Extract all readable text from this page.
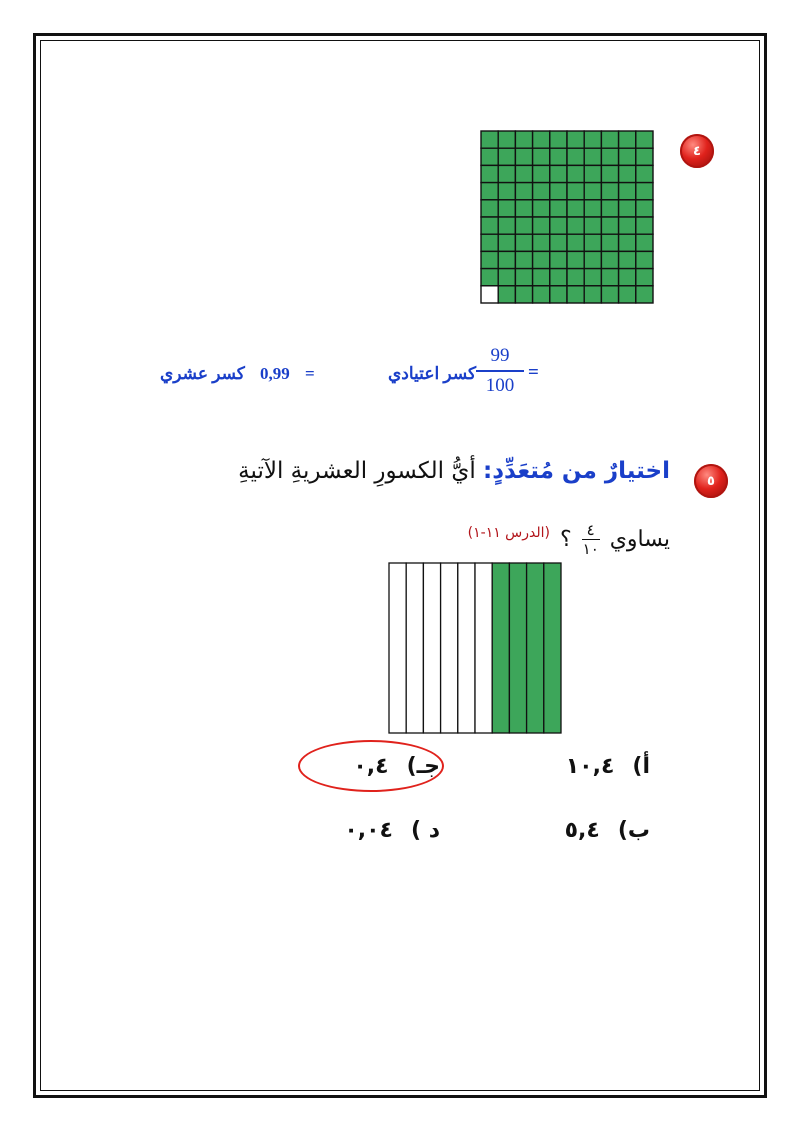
٤
99
100
=
كسر اعتيادي
=
0,99
كسر عشري
٥
اختيارٌ من مُتعَدِّدٍ: أيُّ الكسورِ العشريةِ الآتيةِ
يساوي
$\frac{٤}{١٠}$
؟
(الدرس ١١-١)
أ)١٠,٤
ب)٥,٤
جـ)٠,٤
د )٠,٠٤
